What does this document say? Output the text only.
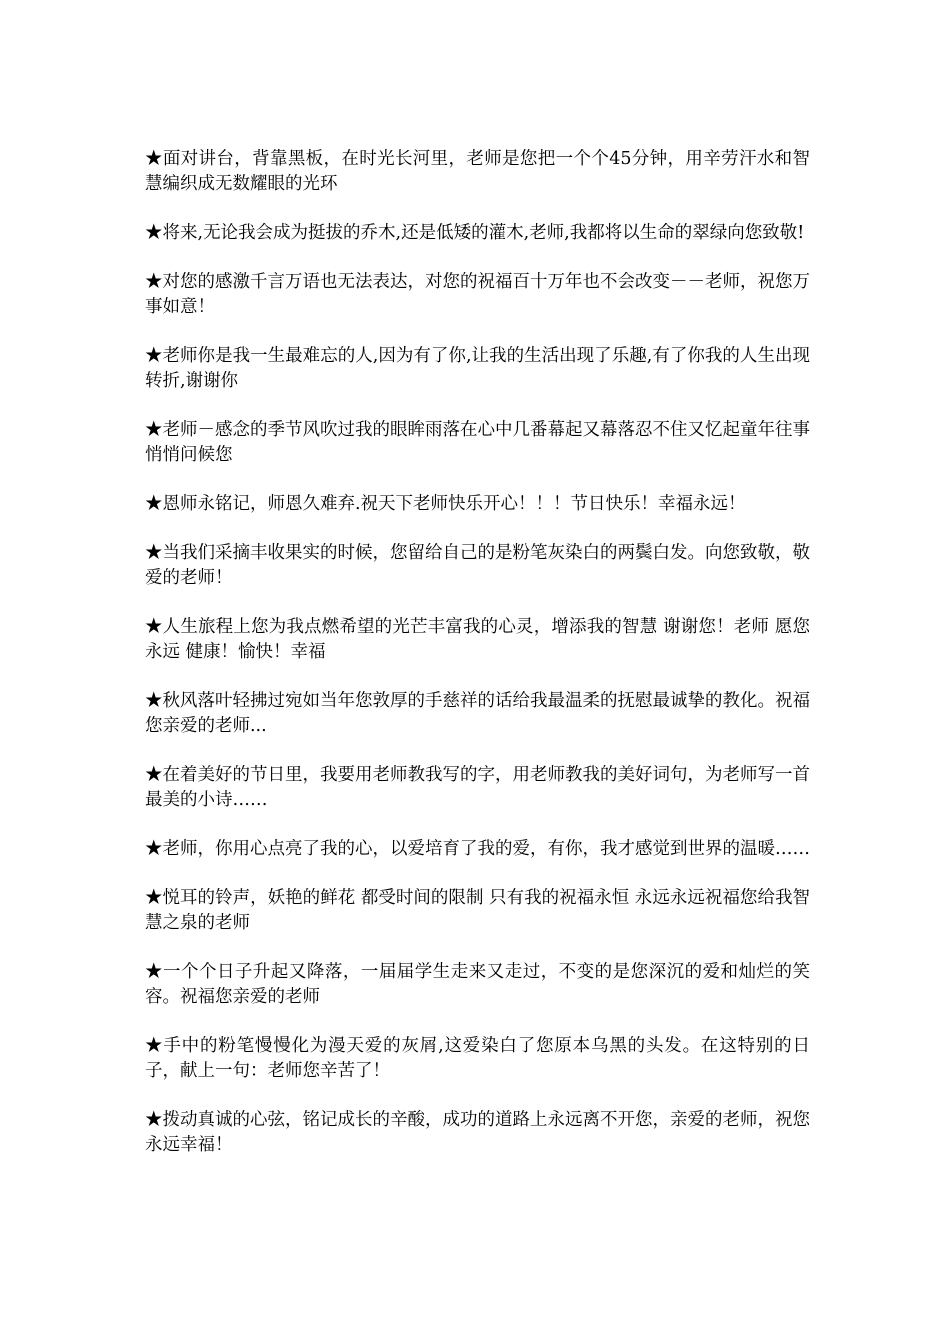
★面对讲台，背靠黑板，在时光长河里，老师是您把一个个45分钟，用辛劳汗水和智慧编织成无数耀眼的光环

★将来,无论我会成为挺拔的乔木,还是低矮的灌木,老师,我都将以生命的翠绿向您致敬!

★对您的感激千言万语也无法表达，对您的祝福百十万年也不会改变－－老师，祝您万事如意！

★老师你是我一生最难忘的人,因为有了你,让我的生活出现了乐趣,有了你我的人生出现转折,谢谢你

★老师－感念的季节风吹过我的眼眸雨落在心中几番幕起又幕落忍不住又忆起童年往事悄悄问候您

★恩师永铭记，师恩久难弃.祝天下老师快乐开心！！！节日快乐！幸福永远！

★当我们采摘丰收果实的时候，您留给自己的是粉笔灰染白的两鬓白发。向您致敬，敬爱的老师！

★人生旅程上您为我点燃希望的光芒丰富我的心灵，增添我的智慧 谢谢您！老师 愿您永远 健康！愉快！幸福

★秋风落叶轻拂过宛如当年您敦厚的手慈祥的话给我最温柔的抚慰最诚挚的教化。祝福您亲爱的老师...

★在着美好的节日里，我要用老师教我写的字，用老师教我的美好词句，为老师写一首最美的小诗……

★老师，你用心点亮了我的心，以爱培育了我的爱，有你，我才感觉到世界的温暖……

★悦耳的铃声，妖艳的鲜花 都受时间的限制 只有我的祝福永恒 永远永远祝福您给我智慧之泉的老师

★一个个日子升起又降落，一届届学生走来又走过，不变的是您深沉的爱和灿烂的笑容。祝福您亲爱的老师

★手中的粉笔慢慢化为漫天爱的灰屑,这爱染白了您原本乌黑的头发。在这特别的日子，献上一句：老师您辛苦了！

★拨动真诚的心弦，铭记成长的辛酸，成功的道路上永远离不开您，亲爱的老师，祝您永远幸福！
